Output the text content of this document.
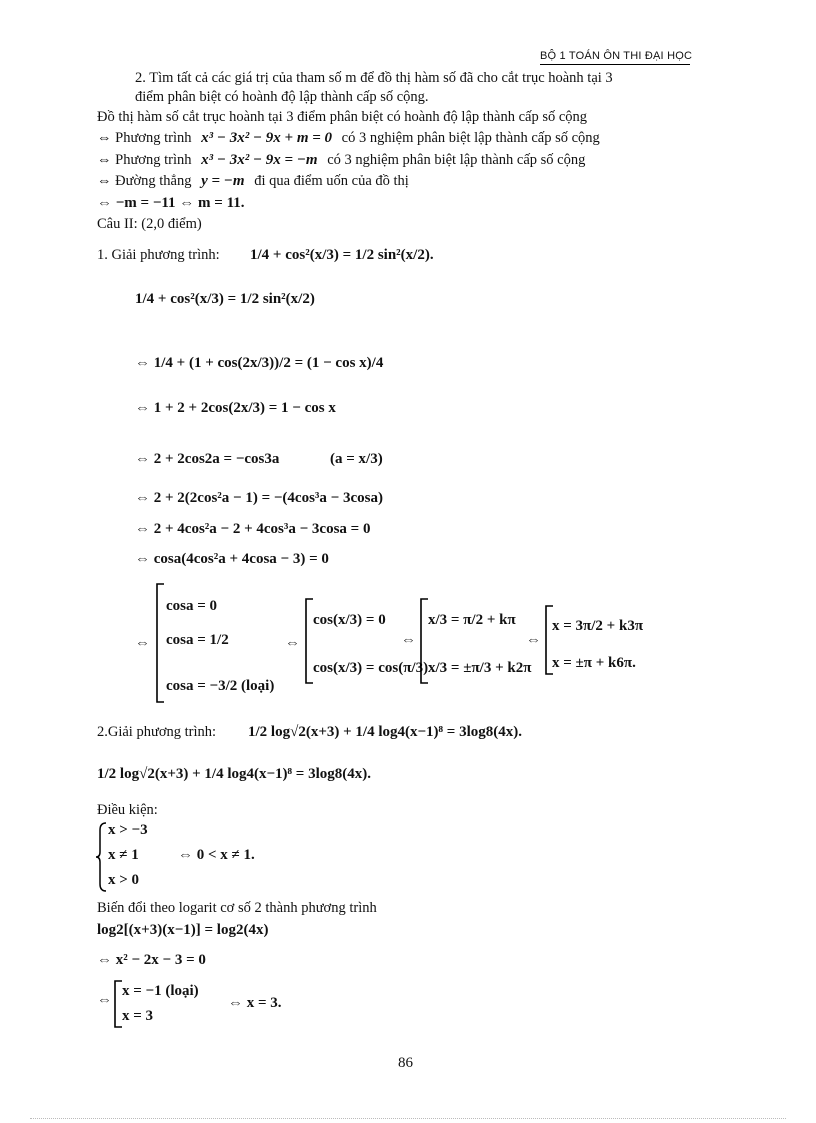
BỘ 1 TOÁN ÔN THI ĐẠI HỌC
2. Tìm tất cả các giá trị của tham số m để đồ thị hàm số đã cho cắt trục hoành tại 3
điểm phân biệt có hoành độ lập thành cấp số cộng.
Đồ thị hàm số cắt trục hoành tại 3 điểm phân biệt có hoành độ lập thành cấp số cộng
⇔ Phương trình x³ − 3x² − 9x + m = 0 có 3 nghiệm phân biệt lập thành cấp số cộng
⇔ Phương trình x³ − 3x² − 9x = −m có 3 nghiệm phân biệt lập thành cấp số cộng
⇔ Đường thẳng y = −m đi qua điểm uốn của đồ thị
⇔ −m = −11 ⇔ m = 11.
Câu II: (2,0 điểm)
1. Giải phương trình: 1/4 + cos²(x/3) = 1/2 sin²(x/2).
1/4 + cos²(x/3) = 1/2 sin²(x/2)
⇔ 1/4 + (1 + cos(2x/3))/2 = (1 − cos x)/4
⇔ 1 + 2 + 2cos(2x/3) = 1 − cos x
⇔ 2 + 2cos2a = −cos3a	(a = x/3)
⇔ 2 + 2(2cos²a − 1) = −(4cos³a − 3cosa)
⇔ 2 + 4cos²a − 2 + 4cos³a − 3cosa = 0
⇔ cosa(4cos²a + 4cosa − 3) = 0
⇔
cosa = 0
cosa = 1/2
cosa = −3/2 (loại)
⇔
cos(x/3) = 0
cos(x/3) = cos(π/3)
⇔
x/3 = π/2 + kπ
x/3 = ±π/3 + k2π
⇔
x = 3π/2 + k3π
x = ±π + k6π.
2.Giải phương trình: 1/2 log√2(x+3) + 1/4 log4(x−1)⁸ = 3log8(4x).
1/2 log√2(x+3) + 1/4 log4(x−1)⁸ = 3log8(4x).
Điều kiện:
x > −3
x ≠ 1
x > 0
⇔ 0 < x ≠ 1.
Biến đổi theo logarit cơ số 2 thành phương trình
log2[(x+3)(x−1)] = log2(4x)
⇔ x² − 2x − 3 = 0
⇔
x = −1 (loại)
x = 3
⇔ x = 3.
86
